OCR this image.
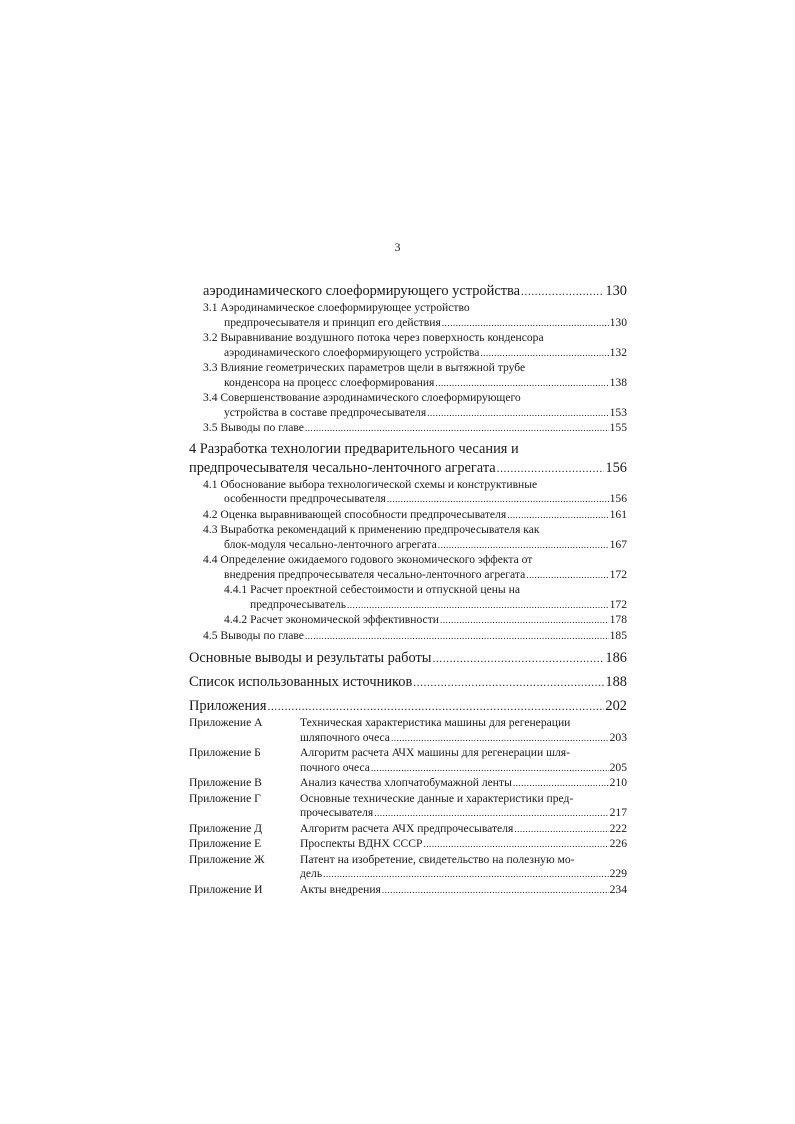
3
аэродинамического слоеформирующего устройства .....	130
3.1 Аэродинамическое слоеформирующее устройство
предпрочесывателя и принцип его действия .....	130
3.2 Выравнивание воздушного потока через поверхность конденсора
аэродинамического слоеформирующего устройства .....	132
3.3 Влияние геометрических параметров щели в вытяжной трубе
конденсора на процесс слоеформирования .....	138
3.4 Совершенствование аэродинамического слоеформирующего
устройства в составе предпрочесывателя .....	153
3.5 Выводы по главе .....	155
4 Разработка технологии предварительного чесания и
предпрочесывателя чесально-ленточного агрегата .....	156
4.1 Обоснование выбора технологической схемы и конструктивные
особенности предпрочесывателя .....	156
4.2 Оценка выравнивающей способности предпрочесывателя .....	161
4.3 Выработка рекомендаций к применению предпрочесывателя как
блок-модуля чесально-ленточного агрегата .....	167
4.4 Определение ожидаемого годового экономического эффекта от
внедрения предпрочесывателя чесально-ленточного агрегата .....	172
4.4.1 Расчет проектной себестоимости и отпускной цены на
предпрочесыватель .....	172
4.4.2 Расчет экономической эффективности .....	178
4.5 Выводы по главе .....	185
Основные выводы и результаты работы .....	186
Список использованных источников .....	188
Приложения .....	202
Приложение А	Техническая характеристика машины для регенерации
шляпочного очеса .....	203
Приложение Б	Алгоритм расчета АЧХ машины для регенерации шля-
почного очеса .....	205
Приложение В	Анализ качества хлопчатобумажной ленты .....	210
Приложение Г	Основные технические данные и характеристики пред-
прочесывателя .....	217
Приложение Д	Алгоритм расчета АЧХ предпрочесывателя .....	222
Приложение Е	Проспекты ВДНХ СССР .....	226
Приложение Ж	Патент на изобретение, свидетельство на полезную мо-
дель .....	229
Приложение И	Акты внедрения .....	234
